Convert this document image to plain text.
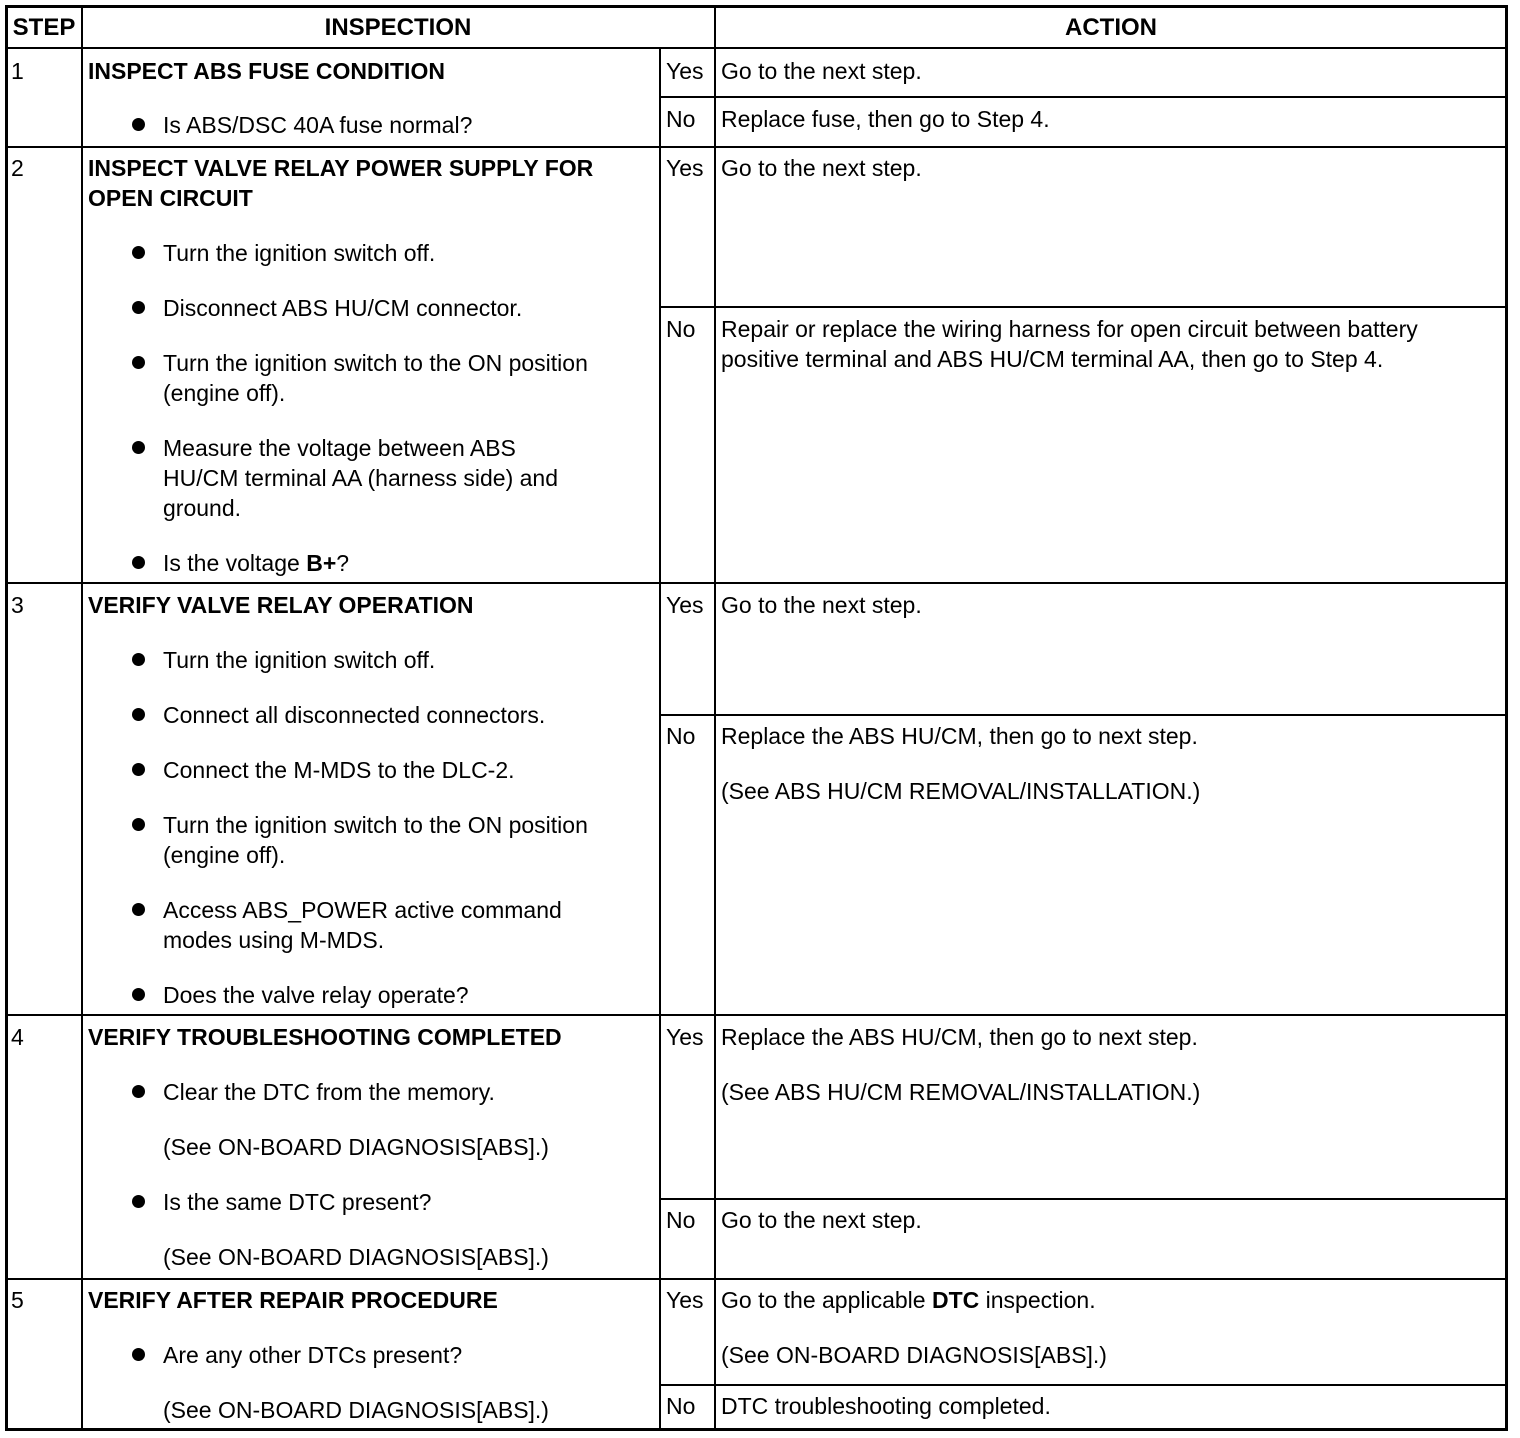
STEP	INSPECTION	ACTION
1	INSPECT ABS FUSE CONDITION
Is ABS/DSC 40A fuse normal?
Yes Go to the next step.
No Replace fuse, then go to Step 4.
2	INSPECT VALVE RELAY POWER SUPPLY FOR
OPEN CIRCUIT
Turn the ignition switch off.
Disconnect ABS HU/CM connector.
Turn the ignition switch to the ON position
(engine off).
Measure the voltage between ABS
HU/CM terminal AA (harness side) and
ground.
Is the voltage B+?
Yes Go to the next step.
No Repair or replace the wiring harness for open circuit between battery
positive terminal and ABS HU/CM terminal AA, then go to Step 4.
3	VERIFY VALVE RELAY OPERATION
Turn the ignition switch off.
Connect all disconnected connectors.
Connect the M-MDS to the DLC-2.
Turn the ignition switch to the ON position
(engine off).
Access ABS_POWER active command
modes using M-MDS.
Does the valve relay operate?
Yes Go to the next step.
No Replace the ABS HU/CM, then go to next step.
(See ABS HU/CM REMOVAL/INSTALLATION.)
4	VERIFY TROUBLESHOOTING COMPLETED
Clear the DTC from the memory.
(See ON-BOARD DIAGNOSIS[ABS].)
Is the same DTC present?
(See ON-BOARD DIAGNOSIS[ABS].)
Yes Replace the ABS HU/CM, then go to next step.
(See ABS HU/CM REMOVAL/INSTALLATION.)
No Go to the next step.
5	VERIFY AFTER REPAIR PROCEDURE
Are any other DTCs present?
(See ON-BOARD DIAGNOSIS[ABS].)
Yes Go to the applicable DTC inspection.
(See ON-BOARD DIAGNOSIS[ABS].)
No DTC troubleshooting completed.
